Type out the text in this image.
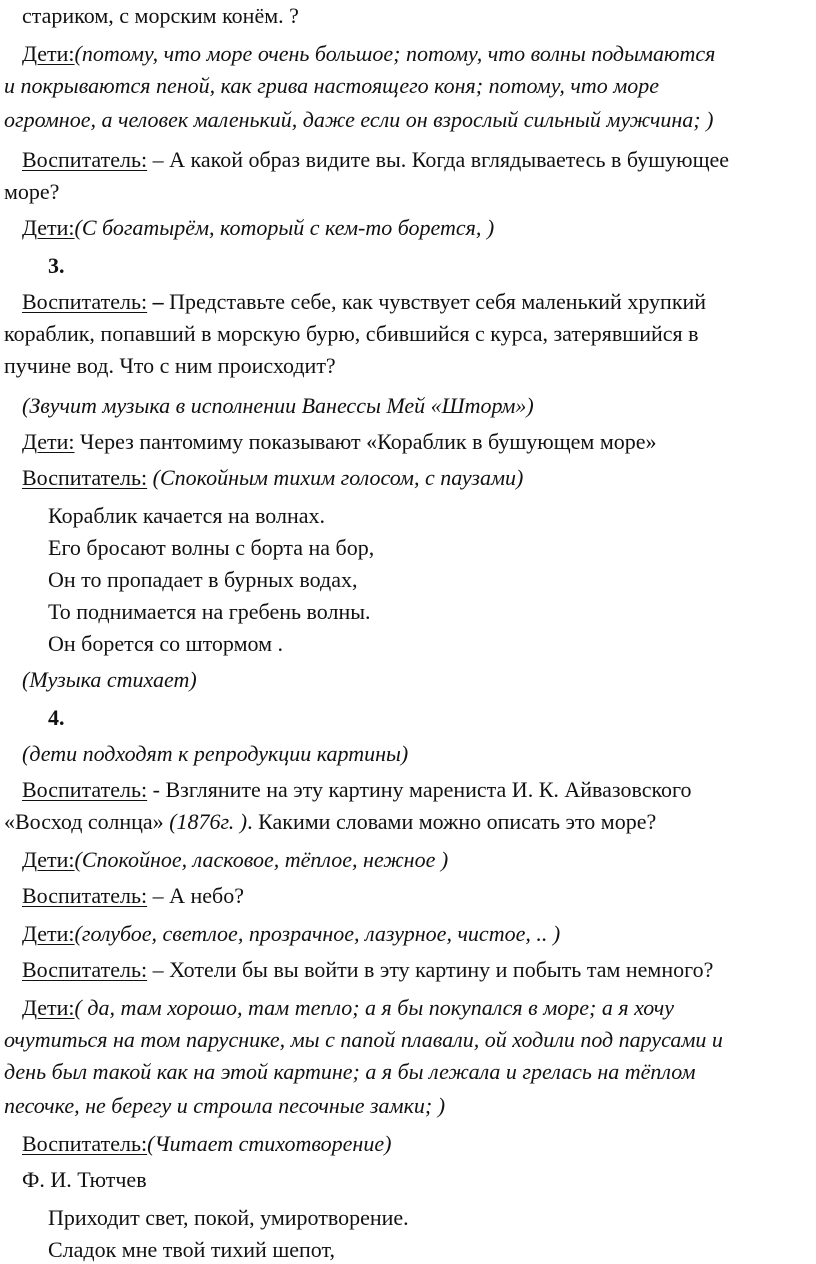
стариком, с морским конём. ?
Дети:(потому, что море очень большое; потому, что волны подымаются
и покрываются пеной, как грива настоящего коня; потому, что море
огромное, а человек маленький, даже если он взрослый сильный мужчина; )
Воспитатель: – А какой образ видите вы. Когда вглядываетесь в бушующее
море?
Дети:(С богатырём, который с кем-то борется, )
3.
Воспитатель: – Представьте себе, как чувствует себя маленький хрупкий
кораблик, попавший в морскую бурю, сбившийся с курса, затерявшийся в
пучине вод. Что с ним происходит?
(Звучит музыка в исполнении Ванессы Мей «Шторм»)
Дети: Через пантомиму показывают «Кораблик в бушующем море»
Воспитатель: (Спокойным тихим голосом, с паузами)
Кораблик качается на волнах.
Его бросают волны с борта на бор,
Он то пропадает в бурных водах,
То поднимается на гребень волны.
Он борется со штормом .
(Музыка стихает)
4.
(дети подходят к репродукции картины)
Воспитатель: - Взгляните на эту картину марениста И. К. Айвазовского
«Восход солнца» (1876г. ). Какими словами можно описать это море?
Дети:(Спокойное, ласковое, тёплое, нежное )
Воспитатель: – А небо?
Дети:(голубое, светлое, прозрачное, лазурное, чистое, .. )
Воспитатель: – Хотели бы вы войти в эту картину и побыть там немного?
Дети:( да, там хорошо, там тепло; а я бы покупался в море; а я хочу
очутиться на том паруснике, мы с папой плавали, ой ходили под парусами и
день был такой как на этой картине; а я бы лежала и грелась на тёплом
песочке, не берегу и строила песочные замки; )
Воспитатель:(Читает стихотворение)
Ф. И. Тютчев
Приходит свет, покой, умиротворение.
Сладок мне твой тихий шепот,
